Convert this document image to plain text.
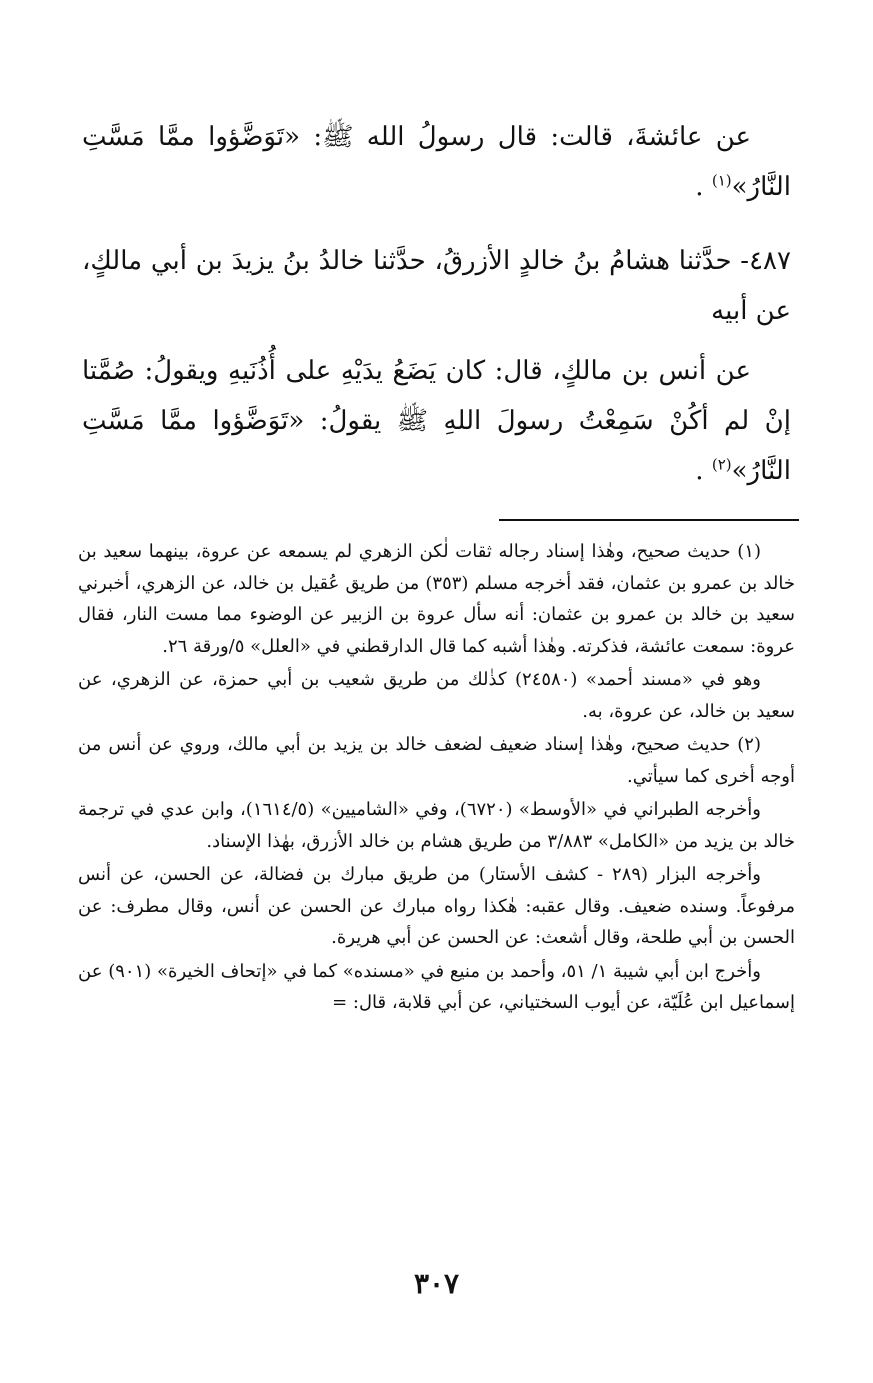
عن عائشةَ، قالت: قال رسولُ الله ﷺ: «تَوَضَّؤوا ممَّا مَسَّتِ النَّارُ»$^{(١)}$ .

٤٨٧- حدَّثنا هشامُ بنُ خالدٍ الأزرقُ، حدَّثنا خالدُ بنُ يزيدَ بن أبي مالكٍ، عن أبيه

عن أنس بن مالكٍ، قال: كان يَضَعُ يدَيْهِ على أُذُنَيهِ ويقولُ: صُمَّتا إنْ لم أكُنْ سَمِعْتُ رسولَ اللهِ ﷺ يقولُ: «تَوَضَّؤوا ممَّا مَسَّتِ النَّارُ»$^{(٢)}$ .

(١) حديث صحيح، وهٰذا إسناد رجاله ثقات لٰكن الزهري لم يسمعه عن عروة، بينهما سعيد بن خالد بن عمرو بن عثمان، فقد أخرجه مسلم (٣٥٣) من طريق عُقيل بن خالد، عن الزهري، أخبرني سعيد بن خالد بن عمرو بن عثمان: أنه سأل عروة بن الزبير عن الوضوء مما مست النار، فقال عروة: سمعت عائشة، فذكرته. وهٰذا أشبه كما قال الدارقطني في «العلل» ٥/ورقة ٢٦.

وهو في «مسند أحمد» (٢٤٥٨٠) كذٰلك من طريق شعيب بن أبي حمزة، عن الزهري، عن سعيد بن خالد، عن عروة، به.

(٢) حديث صحيح، وهٰذا إسناد ضعيف لضعف خالد بن يزيد بن أبي مالك، وروي عن أنس من أوجه أخرى كما سيأتي.

وأخرجه الطبراني في «الأوسط» (٦٧٢٠)، وفي «الشاميين» (١٦١٤/٥)، وابن عدي في ترجمة خالد بن يزيد من «الكامل» ٣/٨٨٣ من طريق هشام بن خالد الأزرق، بهٰذا الإسناد.

وأخرجه البزار (٢٨٩ - كشف الأستار) من طريق مبارك بن فضالة، عن الحسن، عن أنس مرفوعاً. وسنده ضعيف. وقال عقبه: هٰكذا رواه مبارك عن الحسن عن أنس، وقال مطرف: عن الحسن بن أبي طلحة، وقال أشعث: عن الحسن عن أبي هريرة.

وأخرج ابن أبي شيبة ١/ ٥١، وأحمد بن منيع في «مسنده» كما في «إتحاف الخيرة» (٩٠١) عن إسماعيل ابن عُلَيّة، عن أيوب السختياني، عن أبي قلابة، قال: =

٣٠٧
